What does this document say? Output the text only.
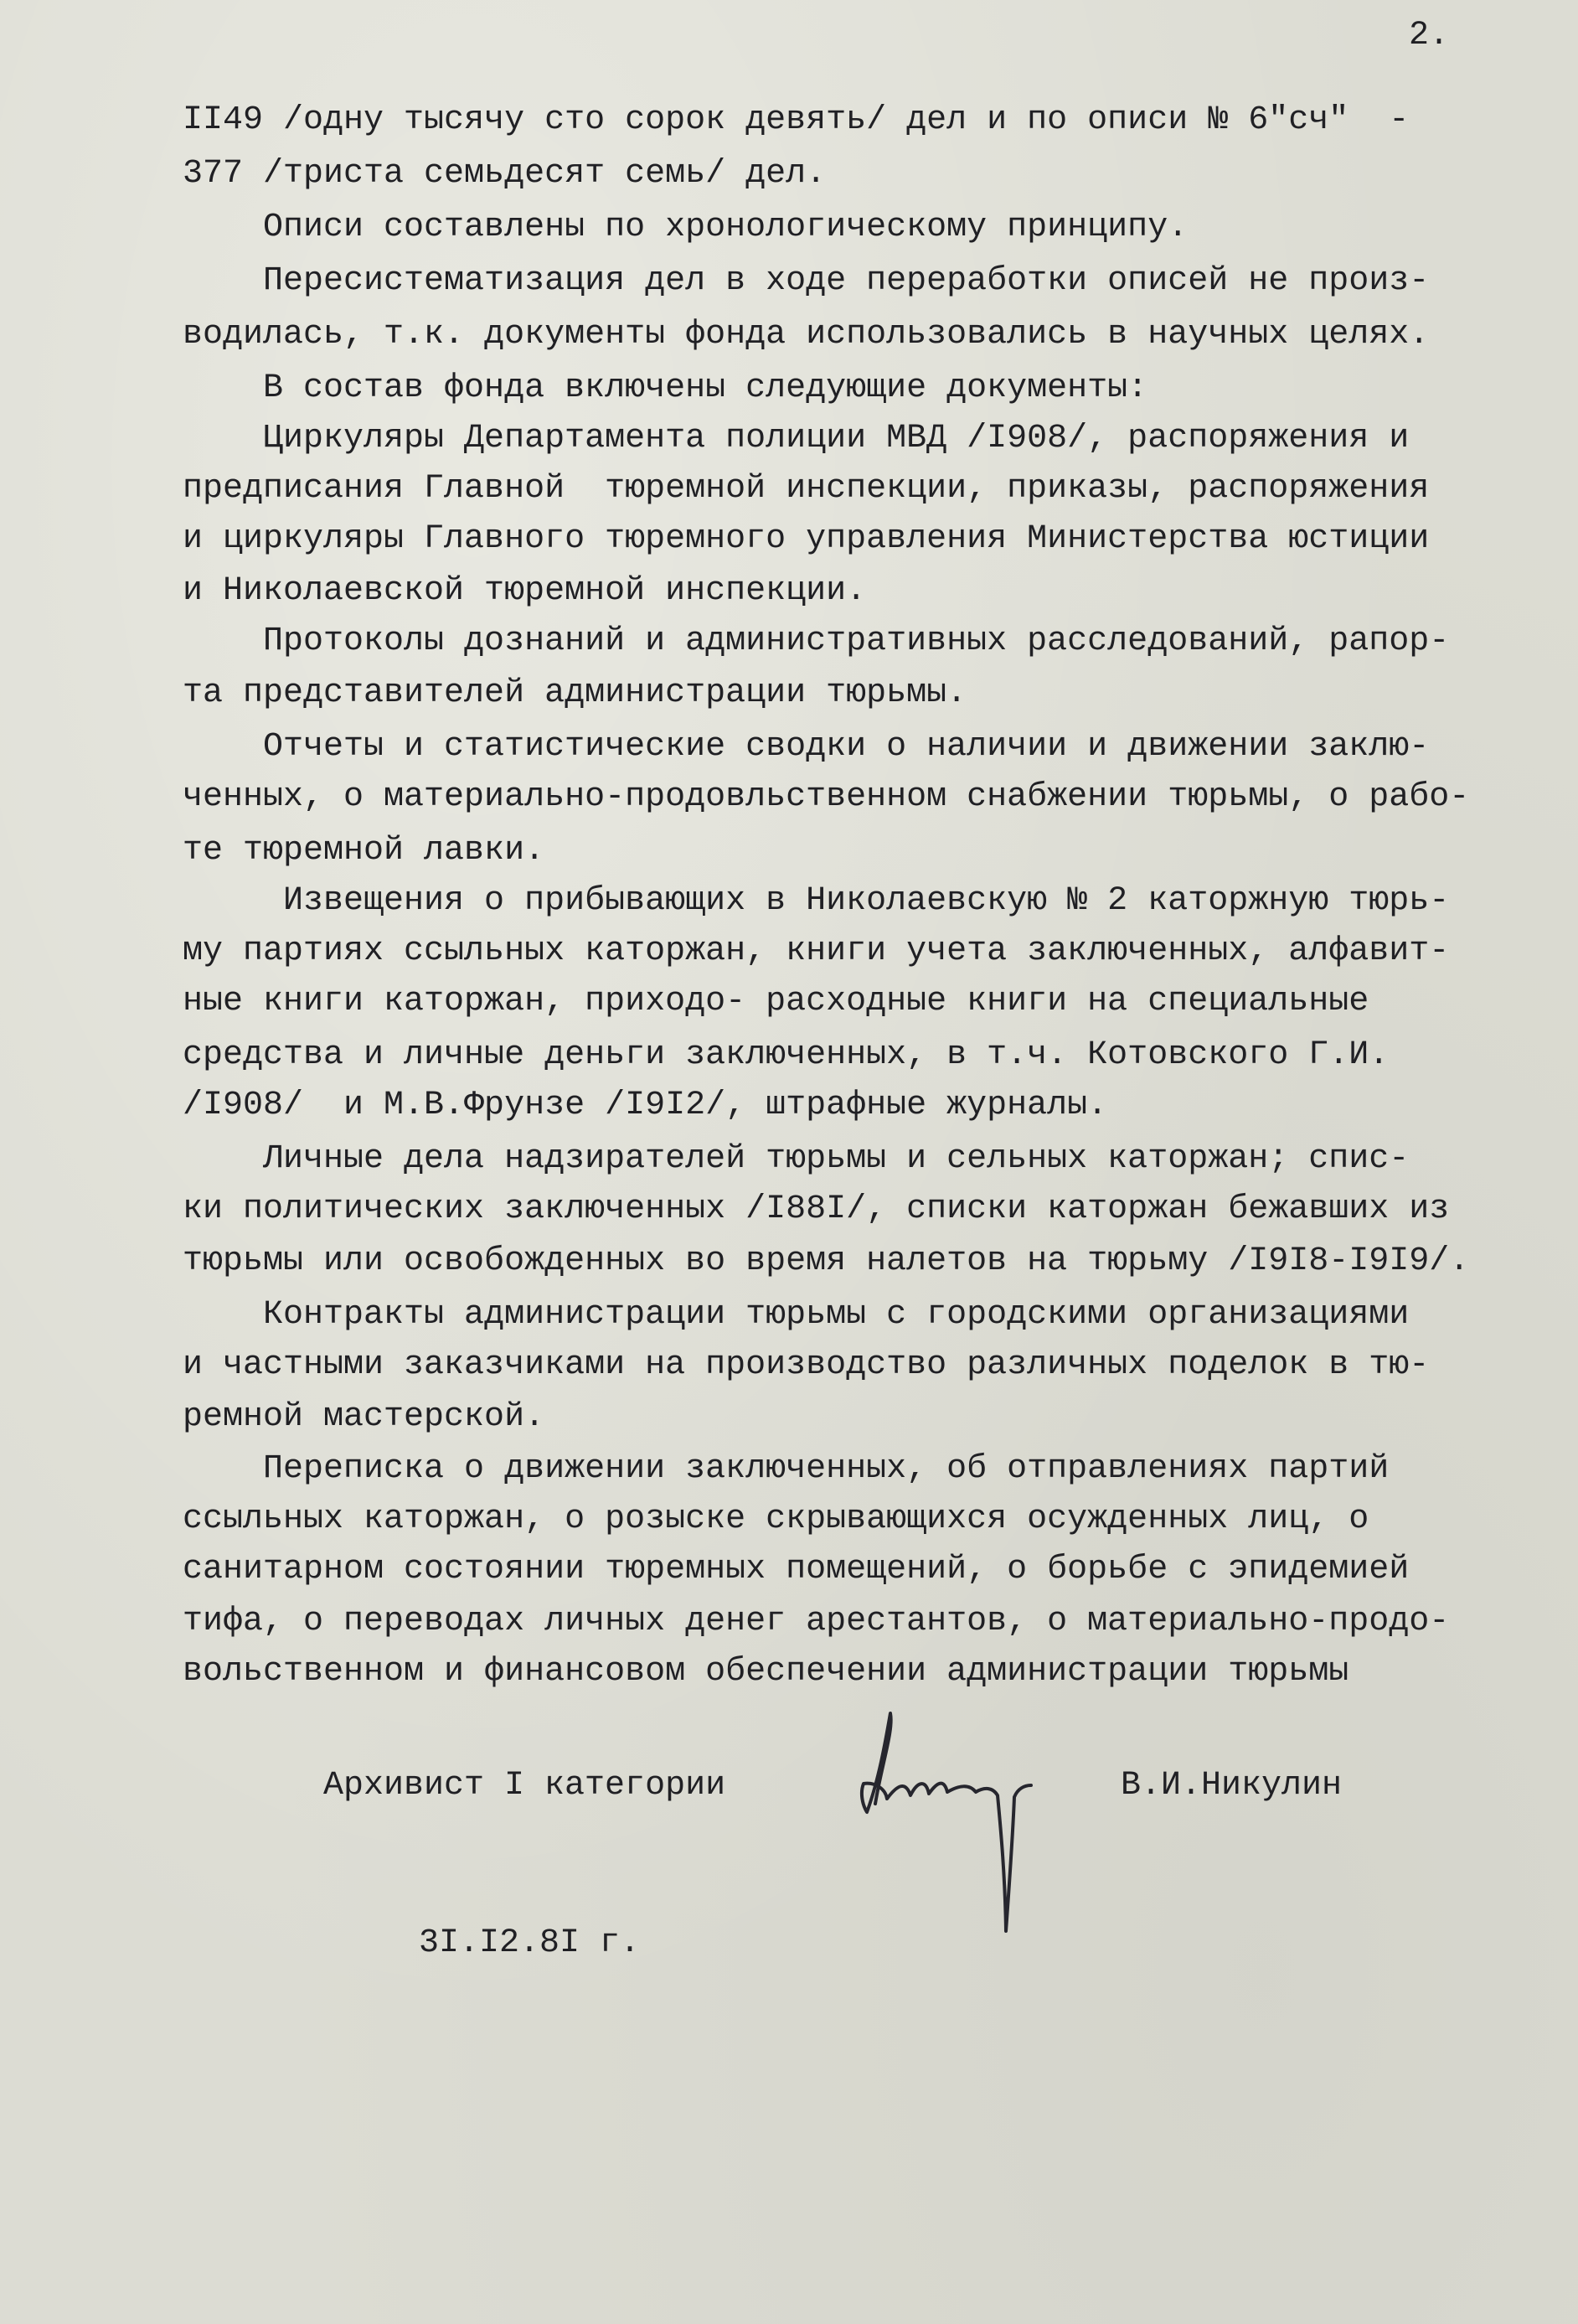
2.
II49 /одну тысячу сто сорок девять/ дел и по описи № 6"сч"  -
377 /триста семьдесят семь/ дел.
Описи составлены по хронологическому принципу.
Пересистематизация дел в ходе переработки описей не произ-
водилась, т.к. документы фонда использовались в научных целях.
В состав фонда включены следующие документы:
Циркуляры Департамента полиции МВД /I908/, распоряжения и
предписания Главной  тюремной инспекции, приказы, распоряжения
и циркуляры Главного тюремного управления Министерства юстиции
и Николаевской тюремной инспекции.
Протоколы дознаний и административных расследований, рапор-
та представителей администрации тюрьмы.
Отчеты и статистические сводки о наличии и движении заклю-
ченных, о материально-продовльственном снабжении тюрьмы, о рабо-
те тюремной лавки.
Извещения о прибывающих в Николаевскую № 2 каторжную тюрь-
му партиях ссыльных каторжан, книги учета заключенных, алфавит-
ные книги каторжан, приходо- расходные книги на специальные
средства и личные деньги заключенных, в т.ч. Котовского Г.И.
/I908/  и М.В.Фрунзе /I9I2/, штрафные журналы.
Личные дела надзирателей тюрьмы и сельных каторжан; спис-
ки политических заключенных /I88I/, списки каторжан бежавших из
тюрьмы или освобожденных во время налетов на тюрьму /I9I8-I9I9/.
Контракты администрации тюрьмы с городскими организациями
и частными заказчиками на производство различных поделок в тю-
ремной мастерской.
Переписка о движении заключенных, об отправлениях партий
ссыльных каторжан, о розыске скрывающихся осужденных лиц, о
санитарном состоянии тюремных помещений, о борьбе с эпидемией
тифа, о переводах личных денег арестантов, о материально-продо-
вольственном и финансовом обеспечении администрации тюрьмы
Архивист I категории	В.И.Никулин
3I.I2.8I г.
